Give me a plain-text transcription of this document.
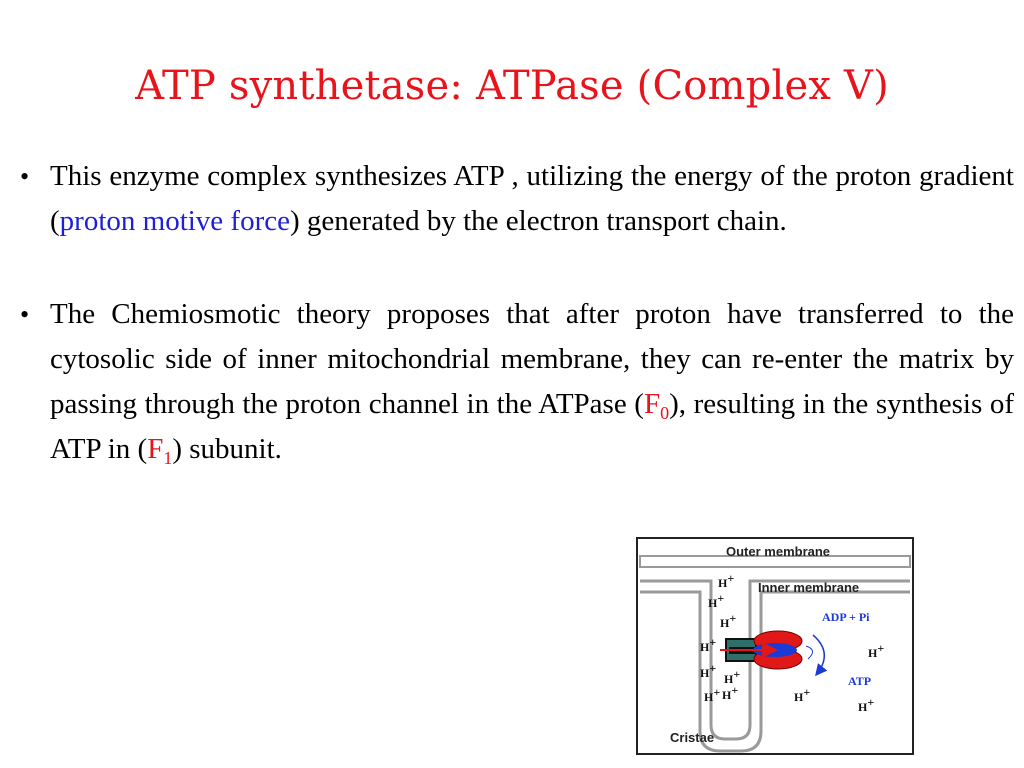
ATP synthetase: ATPase (Complex V)
• This enzyme complex synthesizes ATP , utilizing the energy of the proton gradient (proton motive force) generated by the electron transport chain.
• The Chemiosmotic theory proposes that after proton have transferred to the cytosolic side of inner mitochondrial membrane, they can re-enter the matrix by passing through the proton channel in the ATPase $(F_0)$, resulting in the synthesis of ATP in $(F_1)$ subunit.
Outer membrane
Inner membrane
Cristae
ADP + Pi
ATP
H+
H+
H+
H+
H+
H+
H+ H+
H+
H+
H+
